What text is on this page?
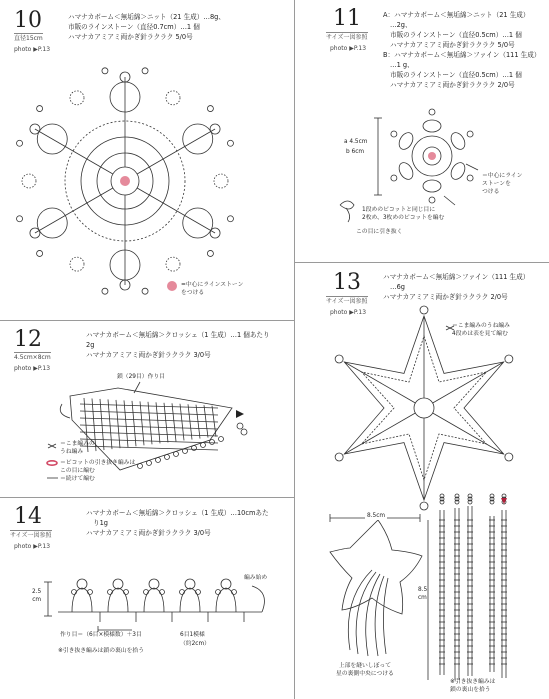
10
直径15cm
photo ▶P.13
ハマナカボーム＜無垢綿＞ニット（21 生成）…8g、
市販のラインストーン（直径0.7cm）…1 個
ハマナカアミアミ両かぎ針ラクラク 5/0号
=中心にラインストーン
をつける
11
サイズ一図参照
photo ▶P.13
A：ハマナカボーム＜無垢綿＞ニット（21 生成）
…2g、
市販のラインストーン（直径0.5cm）…1 個
ハマナカアミアミ両かぎ針ラクラク 5/0号
B：ハマナカボーム＜無垢綿＞ファイン（111 生成）
…1 g、
市販のラインストーン（直径0.5cm）…1 個
ハマナカアミアミ両かぎ針ラクラク 2/0号
a 4.5cm
b 6cm
＝中心にライン
ストーンを
つける
1段めのピコットと同じ目に
2枚め、3枚めのピコットを編む
この目に引き抜く
12
4.5cm×8cm
photo ▶P.13
ハマナカボーム＜無垢綿＞クロッシェ（1 生成）…1 個あたり
2g
ハマナカアミアミ両かぎ針ラクラク 3/0号
鎖（29目）作り目
＝こま編みの
うね編み
＝ピコットの引き抜き編みは
この目に編む
＝続けて編む
13
サイズ一図参照
photo ▶P.13
ハマナカボーム＜無垢綿＞ファイン（111 生成）
…6g
ハマナカアミアミ両かぎ針ラクラク 2/0号
＝こま編みのうね編み
4段めは表を見て編む
8.5cm
8.5
cm
上部を縫いしぼって
星の裏側中央につける
※引き抜き編みは
鎖の裏山を拾う
14
サイズ一図参照
photo ▶P.13
ハマナカボーム＜無垢綿＞クロッシェ（1 生成）…10cmあた
り1g
ハマナカアミアミ両かぎ針ラクラク 3/0号
編み始め
2.5
cm
作り目＝（6目×模様数）＋3目	6目1模様
（約2cm）
※引き抜き編みは鎖の裏山を拾う
